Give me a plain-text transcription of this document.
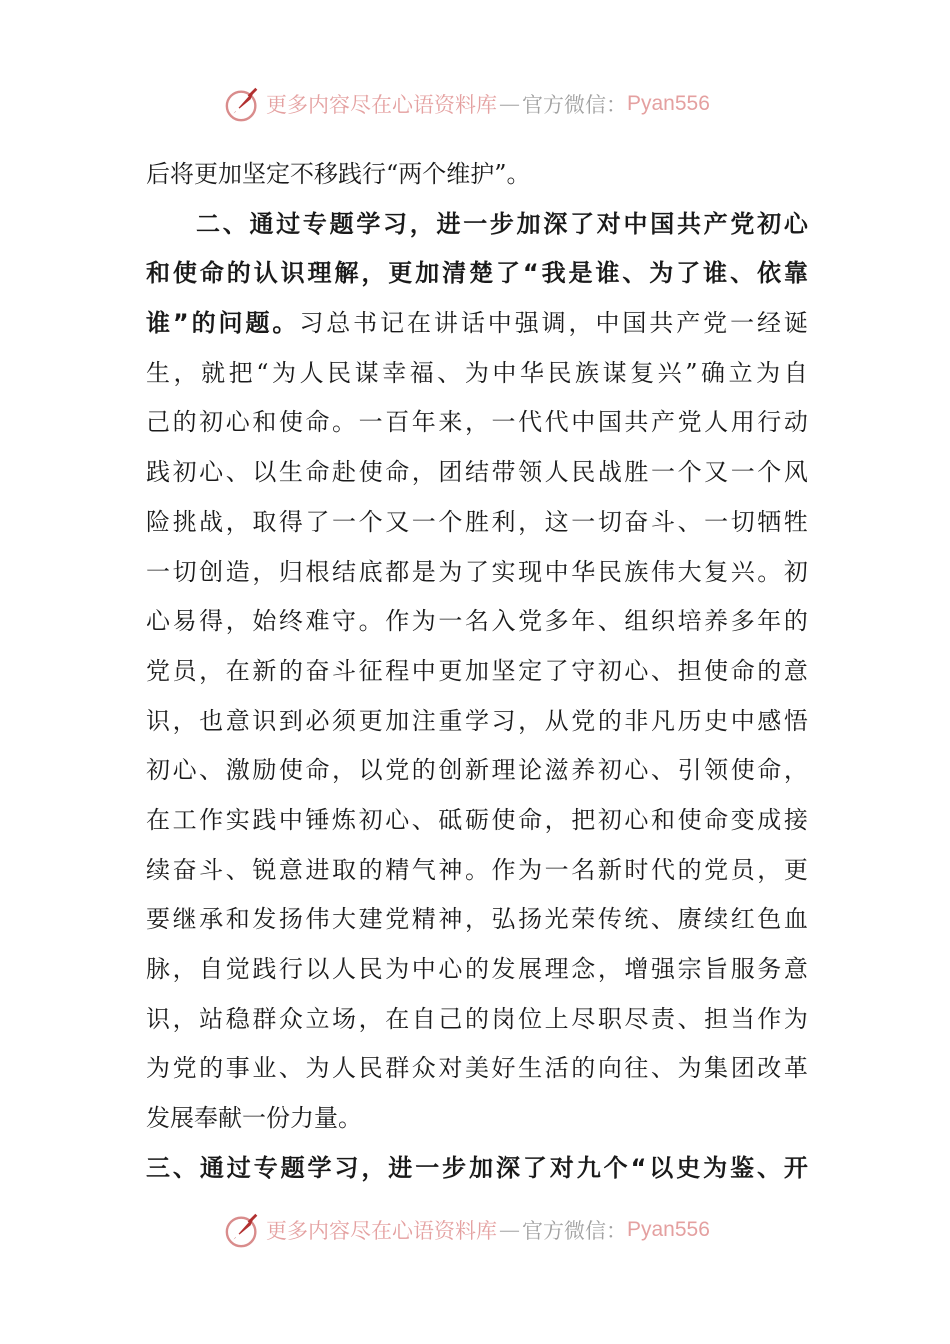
更多内容尽在心语资料库 — 官方微信： Pyan556
后将更加坚定不移践行“两个维护”。
二 、 通 过 专 题 学 习 ， 进 一 步 加 深 了 对 中 国 共 产 党 初 心
和 使 命 的 认 识 理 解 ， 更 加 清 楚 了 “ 我 是 谁 、 为 了 谁 、 依 靠
谁 ” 的 问 题 。 习 总 书 记 在 讲 话 中 强 调 ， 中 国 共 产 党 一 经 诞
生 ， 就 把 “ 为 人 民 谋 幸 福 、 为 中 华 民 族 谋 复 兴 ” 确 立 为 自
己 的 初 心 和 使 命 。 一 百 年 来 ， 一 代 代 中 国 共 产 党 人 用 行 动
践 初 心 、 以 生 命 赴 使 命 ， 团 结 带 领 人 民 战 胜 一 个 又 一 个 风
险 挑 战 ， 取 得 了 一 个 又 一 个 胜 利 ， 这 一 切 奋 斗 、 一 切 牺 牲
一 切 创 造 ， 归 根 结 底 都 是 为 了 实 现 中 华 民 族 伟 大 复 兴 。 初
心 易 得 ， 始 终 难 守 。 作 为 一 名 入 党 多 年 、 组 织 培 养 多 年 的
党 员 ， 在 新 的 奋 斗 征 程 中 更 加 坚 定 了 守 初 心 、 担 使 命 的 意
识 ， 也 意 识 到 必 须 更 加 注 重 学 习 ， 从 党 的 非 凡 历 史 中 感 悟
初 心 、 激 励 使 命 ， 以 党 的 创 新 理 论 滋 养 初 心 、 引 领 使 命 ，
在 工 作 实 践 中 锤 炼 初 心 、 砥 砺 使 命 ， 把 初 心 和 使 命 变 成 接
续 奋 斗 、 锐 意 进 取 的 精 气 神 。 作 为 一 名 新 时 代 的 党 员 ， 更
要 继 承 和 发 扬 伟 大 建 党 精 神 ， 弘 扬 光 荣 传 统 、 赓 续 红 色 血
脉 ， 自 觉 践 行 以 人 民 为 中 心 的 发 展 理 念 ， 增 强 宗 旨 服 务 意
识 ， 站 稳 群 众 立 场 ， 在 自 己 的 岗 位 上 尽 职 尽 责 、 担 当 作 为
为 党 的 事 业 、 为 人 民 群 众 对 美 好 生 活 的 向 往 、 为 集 团 改 革
发展奉献一份力量。
三 、 通 过 专 题 学 习 ， 进 一 步 加 深 了 对 九 个 “ 以 史 为 鉴 、 开
更多内容尽在心语资料库 — 官方微信： Pyan556
